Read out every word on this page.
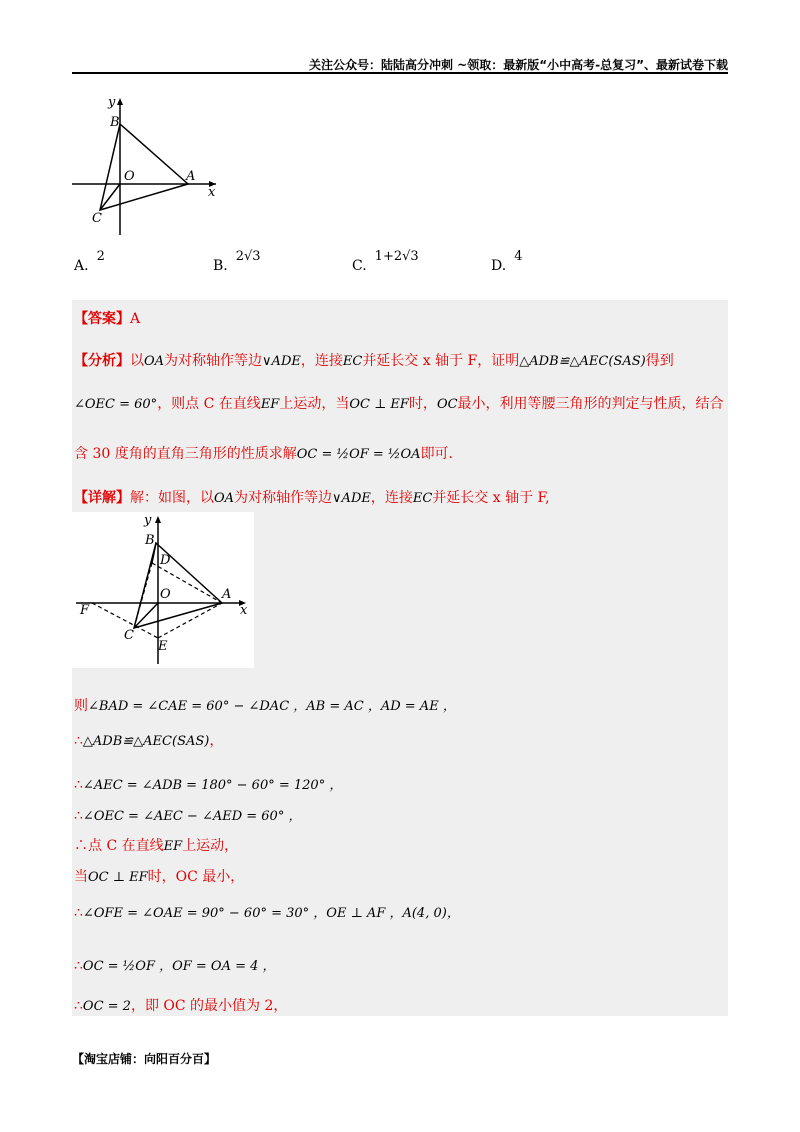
关注公众号：陆陆高分冲刺 ~领取：最新版“小中高考-总复习”、最新试卷下载
y
B
O	A
x
C
A.2
B.2√3
C.1+2√3
D.4
【答案】A
【分析】以OA为对称轴作等边∨ADE，连接EC并延长交 x 轴于 F，证明△ADB≌△AEC(SAS)得到
∠OEC = 60°，则点 C 在直线EF上运动，当OC ⊥ EF时，OC最小，利用等腰三角形的判定与性质，结合
含 30 度角的直角三角形的性质求解OC = ½OF = ½OA即可.
【详解】解：如图，以OA为对称轴作等边∨ADE，连接EC并延长交 x 轴于 F,
y
B
D
O	A
x
F
C
E
则∠BAD = ∠CAE = 60° − ∠DAC ，AB = AC ，AD = AE ，
∴△ADB≌△AEC(SAS)，
∴∠AEC = ∠ADB = 180° − 60° = 120° ，
∴∠OEC = ∠AEC − ∠AED = 60° ，
∴点 C 在直线EF上运动，
当OC ⊥ EF时，OC 最小，
∴∠OFE = ∠OAE = 90° − 60° = 30° ，OE ⊥ AF ，A(4, 0)，
∴OC = ½OF ，OF = OA = 4 ，
∴OC = 2，即 OC 的最小值为 2，
【淘宝店铺：向阳百分百】
